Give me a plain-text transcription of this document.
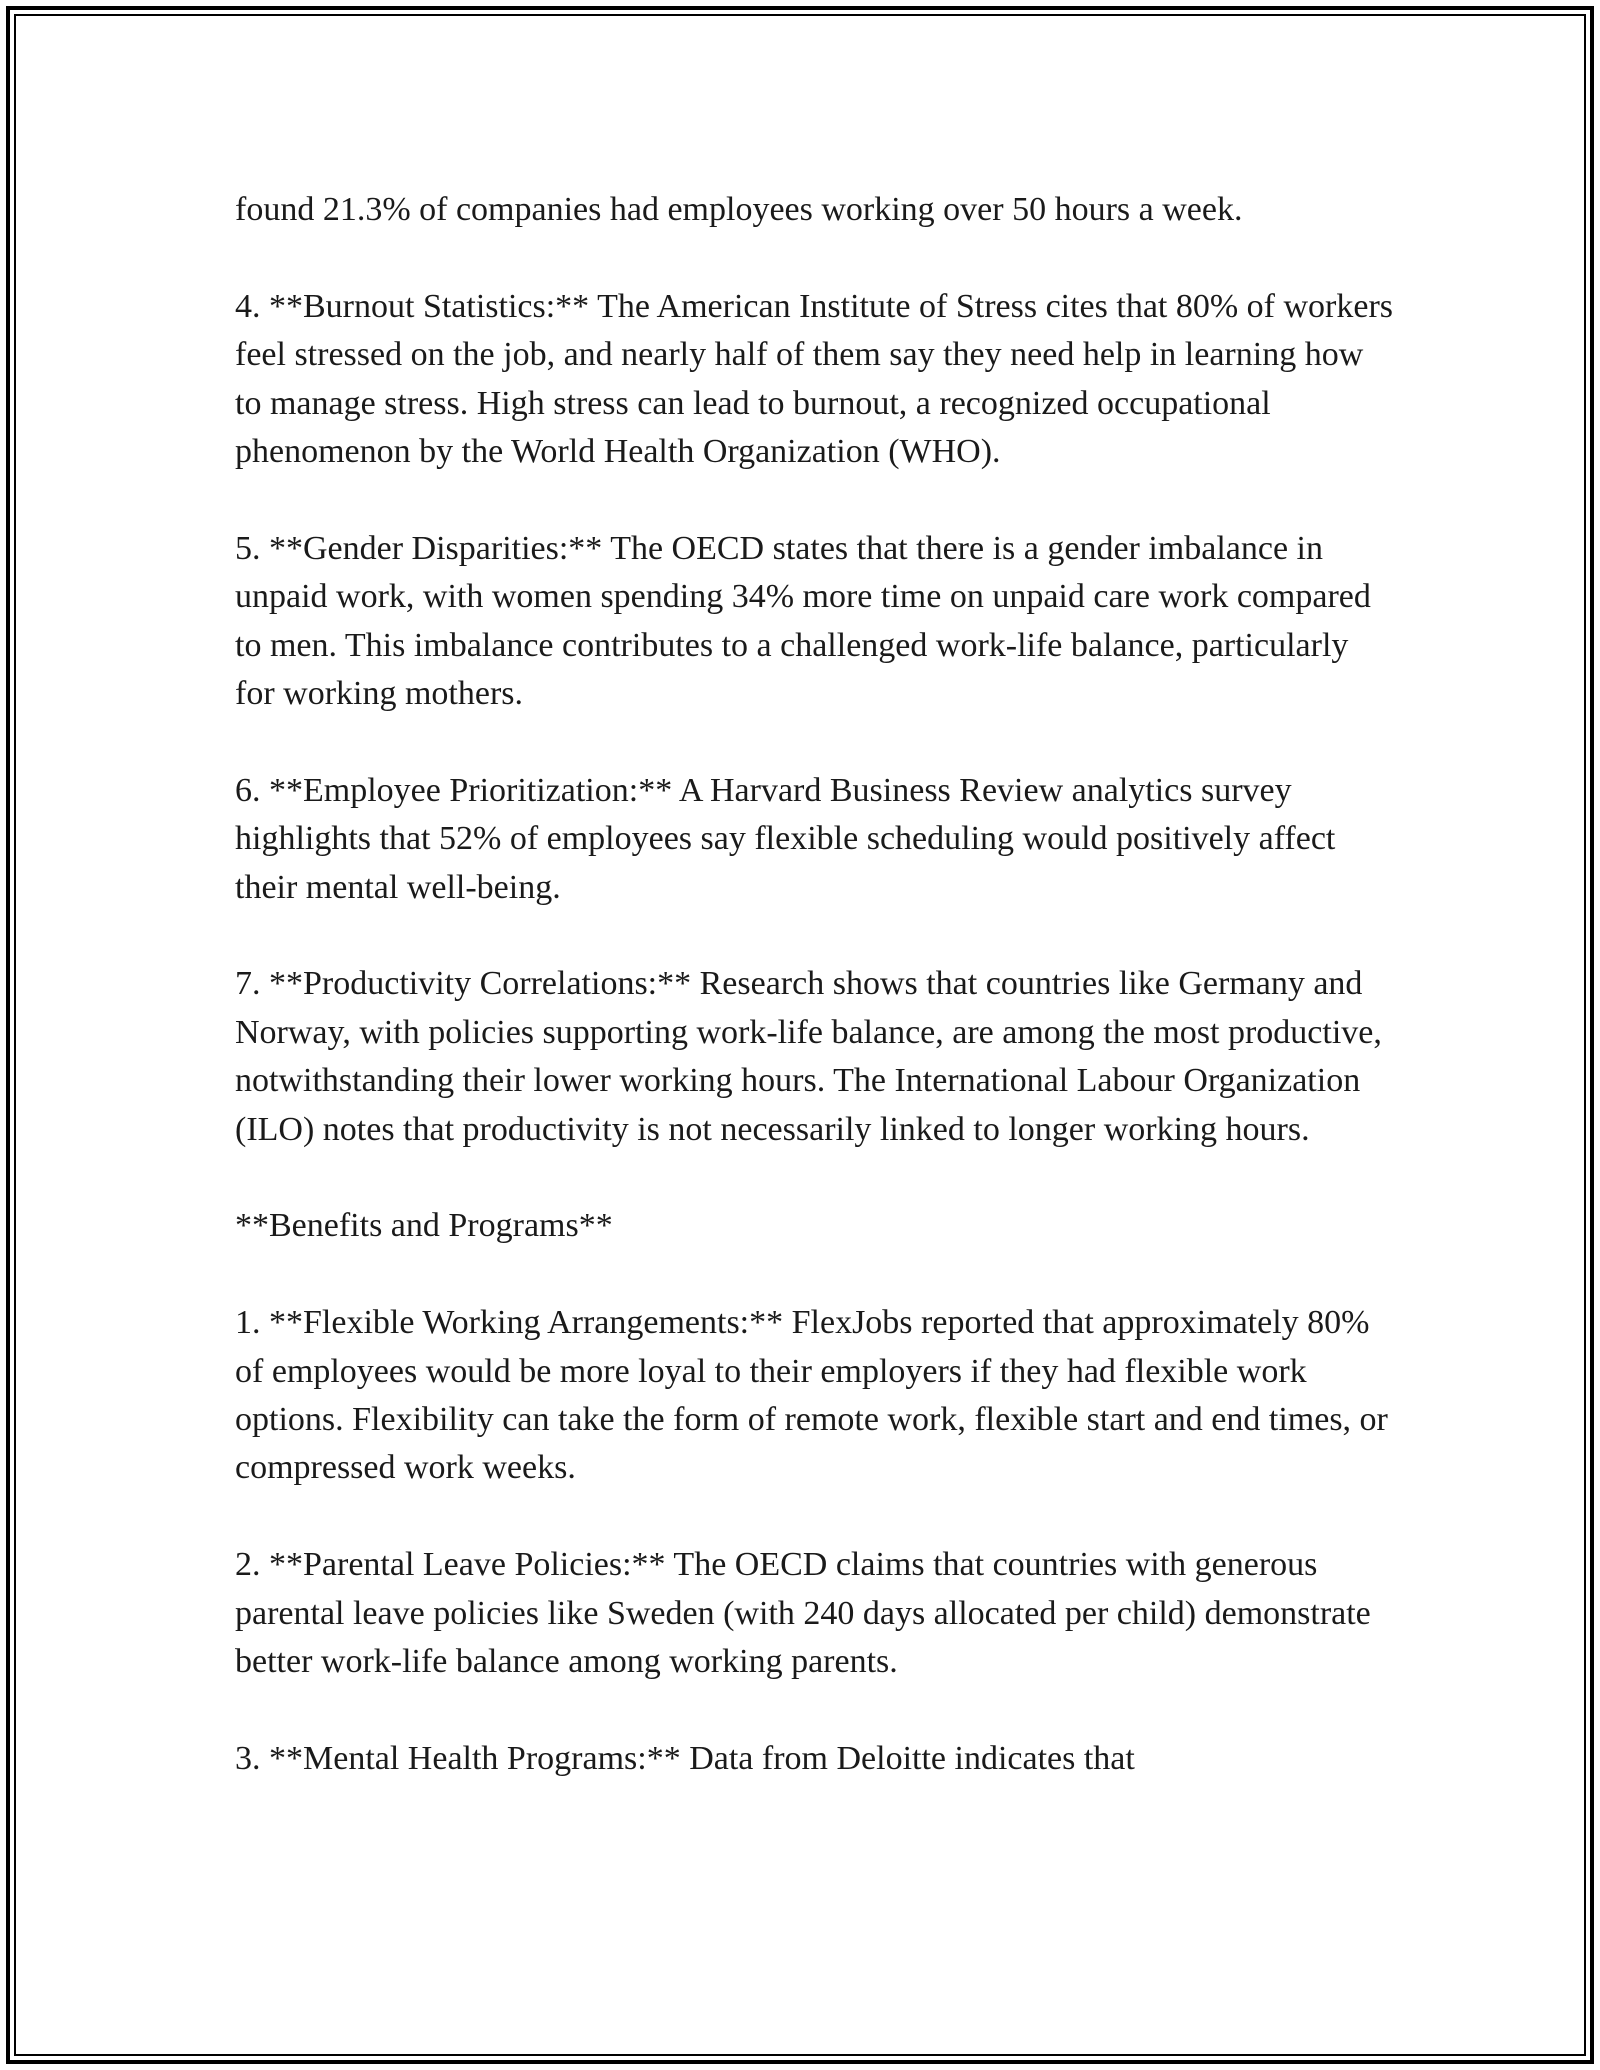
found 21.3% of companies had employees working over 50 hours a week.

4. **Burnout Statistics:** The American Institute of Stress cites that 80% of workers feel stressed on the job, and nearly half of them say they need help in learning how to manage stress. High stress can lead to burnout, a recognized occupational phenomenon by the World Health Organization (WHO).

5. **Gender Disparities:** The OECD states that there is a gender imbalance in unpaid work, with women spending 34% more time on unpaid care work compared to men. This imbalance contributes to a challenged work-life balance, particularly for working mothers.

6. **Employee Prioritization:** A Harvard Business Review analytics survey highlights that 52% of employees say flexible scheduling would positively affect their mental well-being.

7. **Productivity Correlations:** Research shows that countries like Germany and Norway, with policies supporting work-life balance, are among the most productive, notwithstanding their lower working hours. The International Labour Organization (ILO) notes that productivity is not necessarily linked to longer working hours.

**Benefits and Programs**

1. **Flexible Working Arrangements:** FlexJobs reported that approximately 80% of employees would be more loyal to their employers if they had flexible work options. Flexibility can take the form of remote work, flexible start and end times, or compressed work weeks.

2. **Parental Leave Policies:** The OECD claims that countries with generous parental leave policies like Sweden (with 240 days allocated per child) demonstrate better work-life balance among working parents.

3. **Mental Health Programs:** Data from Deloitte indicates that
